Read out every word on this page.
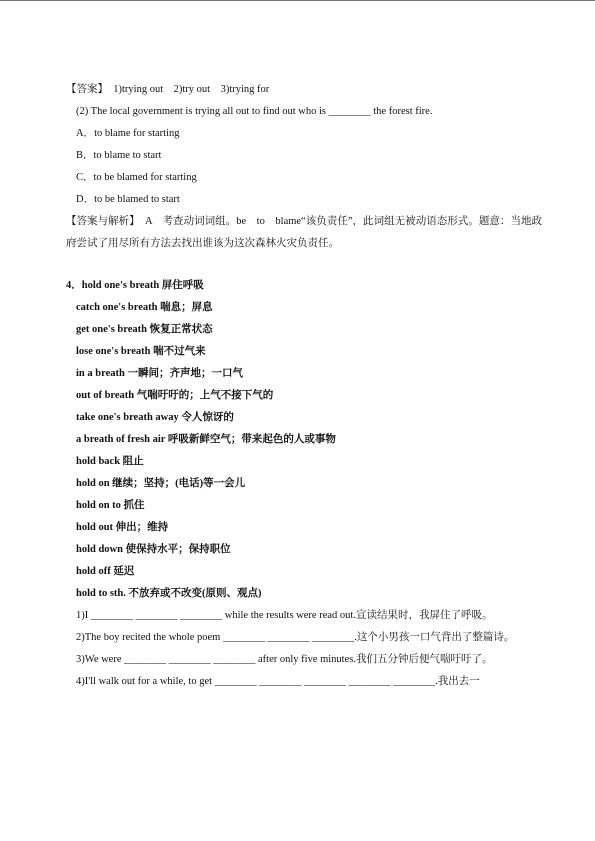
【答案】　1)trying out　2)try out　3)trying for
(2) The local government is trying all out to find out who is ________ the forest fire.
A．to blame for starting
B．to blame to start
C．to be blamed for starting
D．to be blamed to start
【答案与解析】　A　考查动词词组。be　to　blame“该负责任”，此词组无被动语态形式。题意：当地政府尝试了用尽所有方法去找出谁该为这次森林火灾负责任。
4．hold one's breath 屏住呼吸
catch one's breath 喘息；屏息
get one's breath 恢复正常状态
lose one's breath 喘不过气来
in a breath 一瞬间；齐声地；一口气
out of breath 气喘吁吁的；上气不接下气的
take one's breath away 令人惊讶的
a breath of fresh air 呼吸新鲜空气；带来起色的人或事物
hold back 阻止
hold on 继续；坚持；(电话)等一会儿
hold on to 抓住
hold out 伸出；维持
hold down 使保持水平；保持职位
hold off 延迟
hold to sth. 不放弃或不改变(原则、观点)
1)I ________ ________ ________ while the results were read out.宣读结果时，我屏住了呼吸。
2)The boy recited the whole poem ________ ________ ________.这个小男孩一口气背出了整篇诗。
3)We were ________ ________ ________ after only five minutes.我们五分钟后便气喘吁吁了。
4)I'll walk out for a while, to get ________ ________ ________ ________ ________.我出去一
